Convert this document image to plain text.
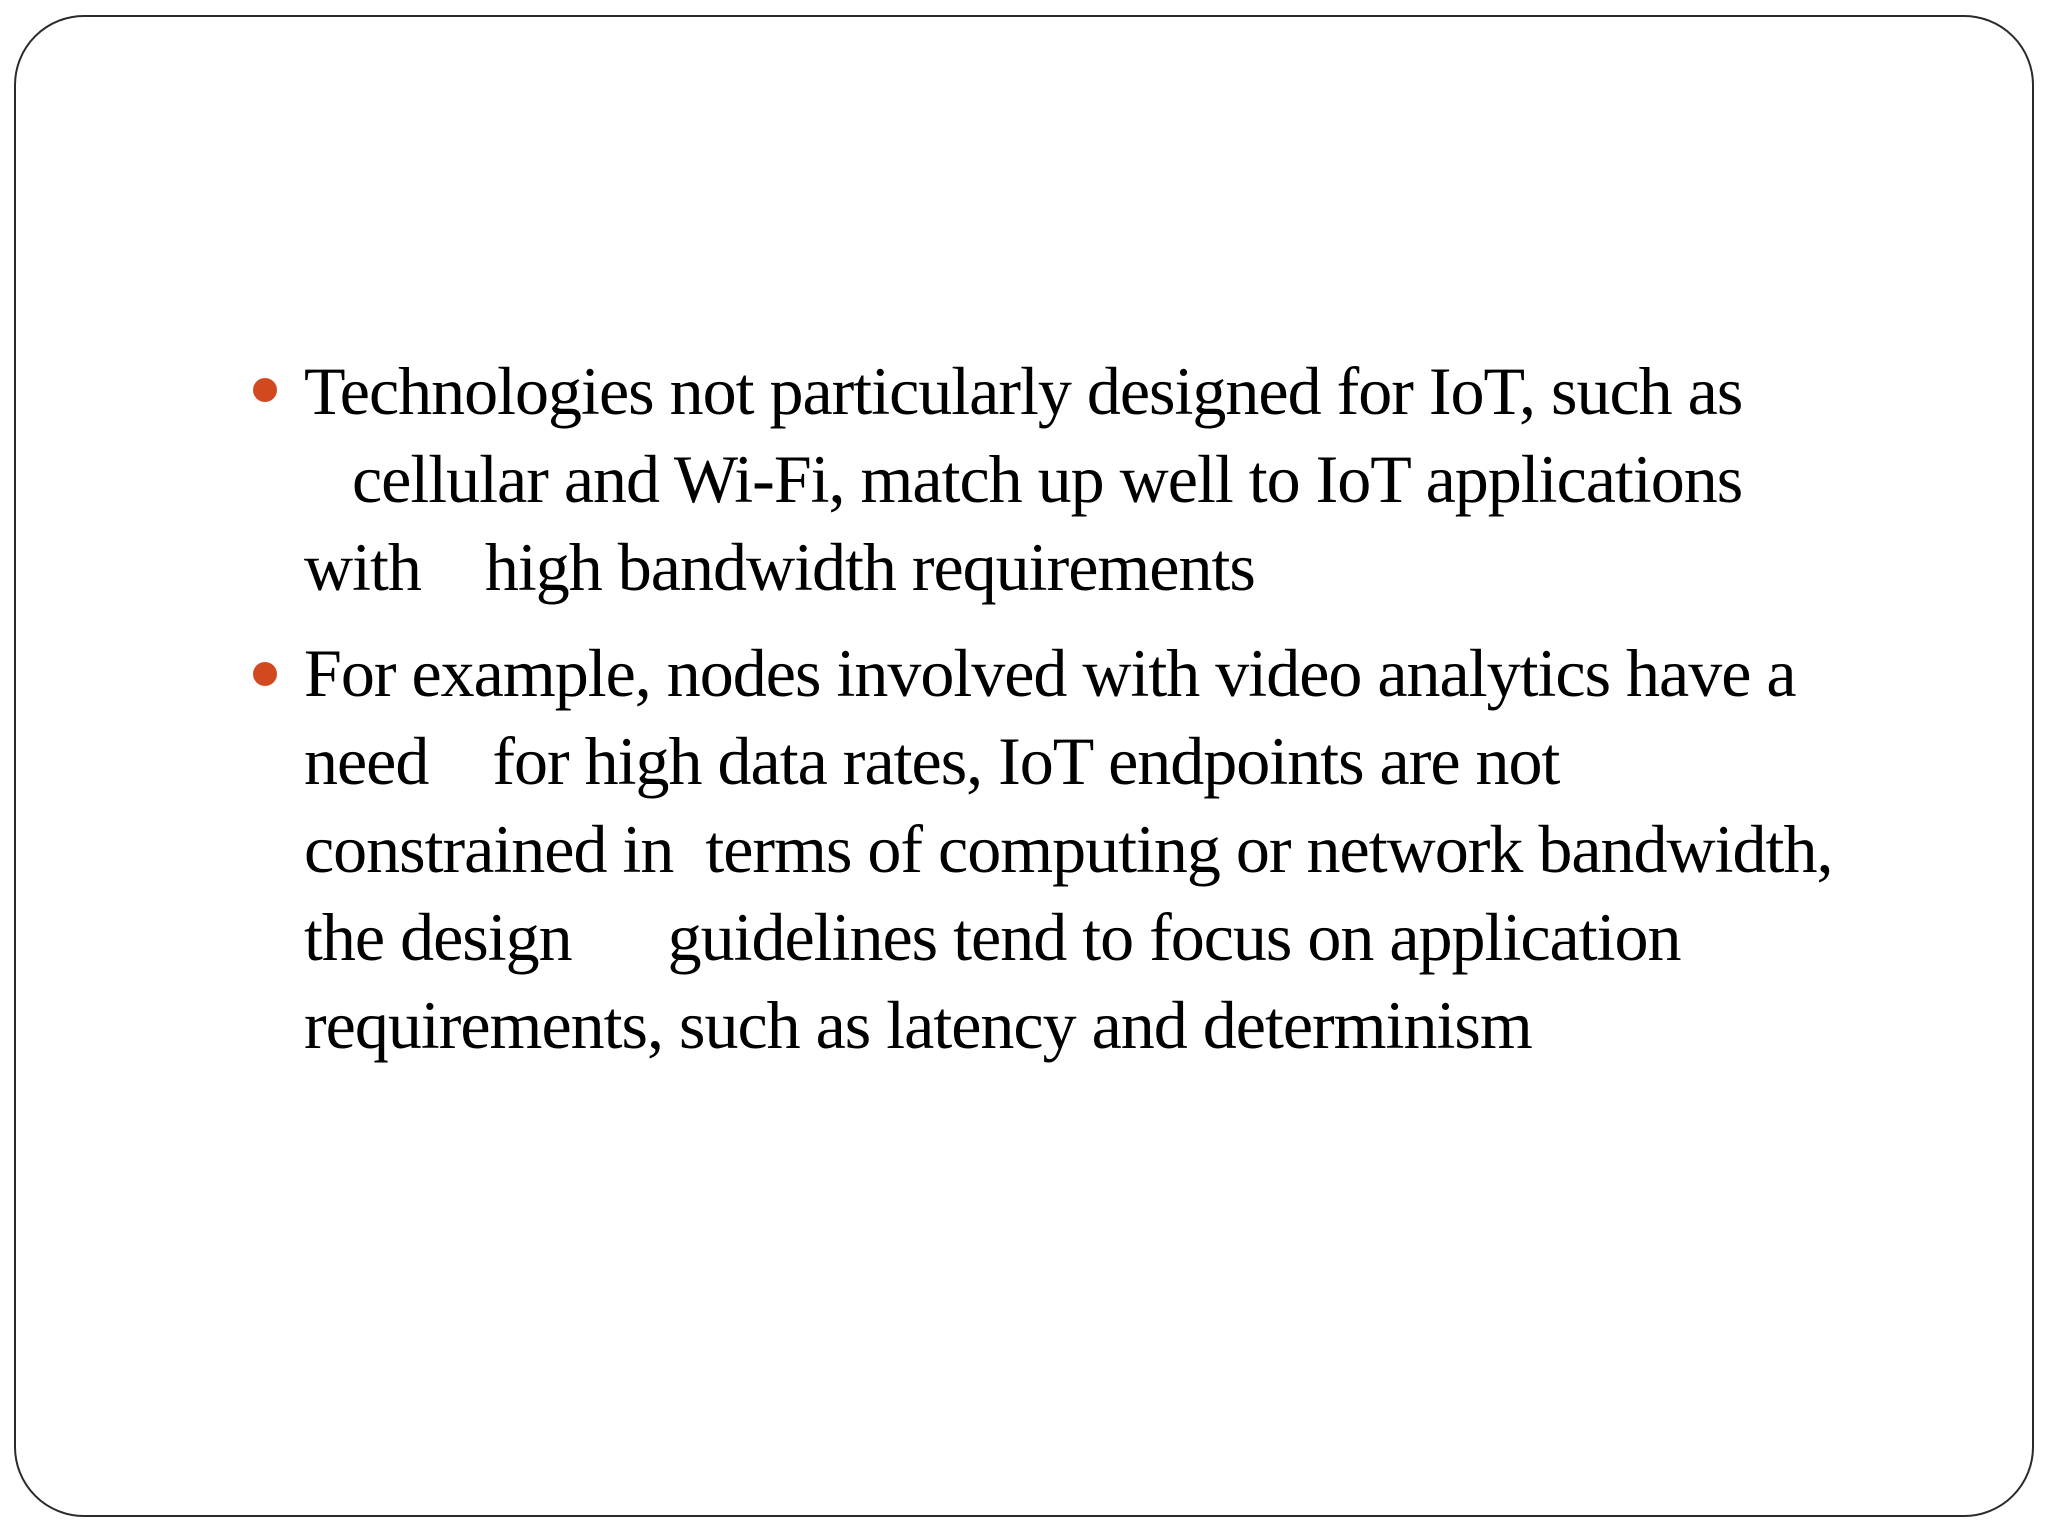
Technologies not particularly designed for IoT, such as
cellular and Wi-Fi, match up well to IoT applications
with    high bandwidth requirements
For example, nodes involved with video analytics have a
need    for high data rates, IoT endpoints are not
constrained in  terms of computing or network bandwidth,
the design      guidelines tend to focus on application
requirements, such as latency and determinism
